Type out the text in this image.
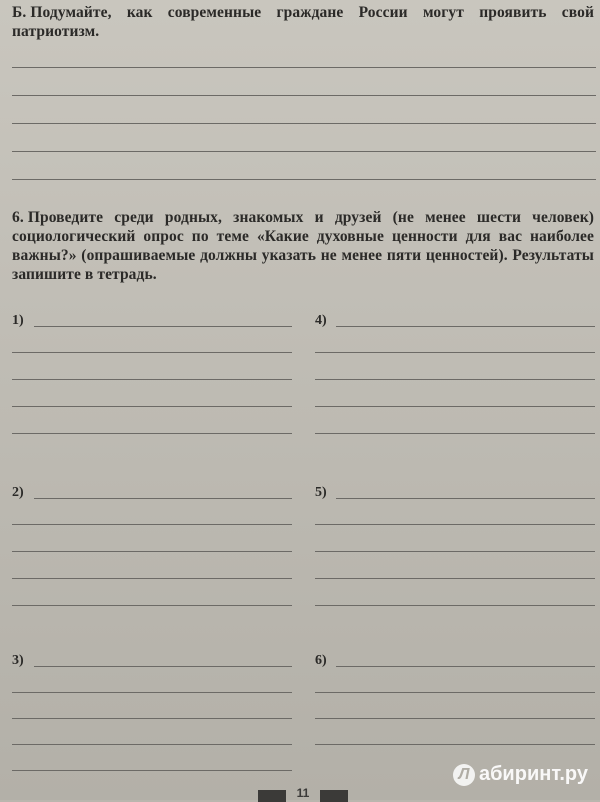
Б. Подумайте, как современные граждане России могут проявить свой патриотизм.

6. Проведите среди родных, знакомых и друзей (не менее шести человек) социологический опрос по теме «Какие духовные ценности для вас наиболее важны?» (опрашиваемые должны указать не менее пяти ценностей). Результаты запишите в тетрадь.

1)	4)
2)	5)
3)	6)
11
Л абиринт.ру
